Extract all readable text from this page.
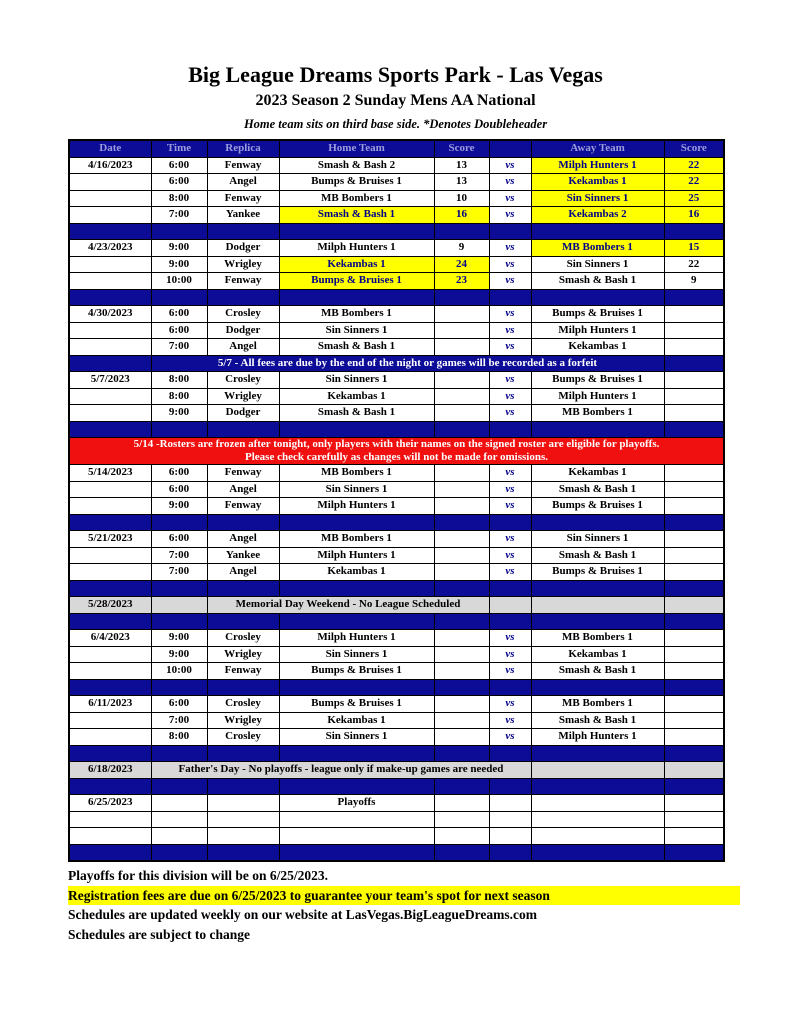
Big League Dreams Sports Park - Las Vegas
2023 Season 2 Sunday Mens AA National
Home team sits on third base side. *Denotes Doubleheader
Date	Time	Replica	Home Team	Score		Away Team	Score
4/16/2023	6:00	Fenway	Smash & Bash 2	13	vs	Milph Hunters 1	22
	6:00	Angel	Bumps & Bruises 1	13	vs	Kekambas 1	22
	8:00	Fenway	MB Bombers 1	10	vs	Sin Sinners 1	25
	7:00	Yankee	Smash & Bash 1	16	vs	Kekambas 2	16

4/23/2023	9:00	Dodger	Milph Hunters 1	9	vs	MB Bombers 1	15
	9:00	Wrigley	Kekambas 1	24	vs	Sin Sinners 1	22
	10:00	Fenway	Bumps & Bruises 1	23	vs	Smash & Bash 1	9

4/30/2023	6:00	Crosley	MB Bombers 1		vs	Bumps & Bruises 1	
	6:00	Dodger	Sin Sinners 1		vs	Milph Hunters 1	
	7:00	Angel	Smash & Bash 1		vs	Kekambas 1	
	5/7 - All fees are due by the end of the night or games will be recorded as a forfeit						
5/7/2023	8:00	Crosley	Sin Sinners 1		vs	Bumps & Bruises 1	
	8:00	Wrigley	Kekambas 1		vs	Milph Hunters 1	
	9:00	Dodger	Smash & Bash 1		vs	MB Bombers 1	

5/14 -Rosters are frozen after tonight, only players with their names on the signed roster are eligible for playoffs.
Please check carefully as changes will not be made for omissions.							

5/14/2023	6:00	Fenway	MB Bombers 1		vs	Kekambas 1	
	6:00	Angel	Sin Sinners 1		vs	Smash & Bash 1	
	9:00	Fenway	Milph Hunters 1		vs	Bumps & Bruises 1	

5/21/2023	6:00	Angel	MB Bombers 1		vs	Sin Sinners 1	
	7:00	Yankee	Milph Hunters 1		vs	Smash & Bash 1	
	7:00	Angel	Kekambas 1		vs	Bumps & Bruises 1	

5/28/2023		Memorial Day Weekend - No League Scheduled					

6/4/2023	9:00	Crosley	Milph Hunters 1		vs	MB Bombers 1	
	9:00	Wrigley	Sin Sinners 1		vs	Kekambas 1	
	10:00	Fenway	Bumps & Bruises 1		vs	Smash & Bash 1	

6/11/2023	6:00	Crosley	Bumps & Bruises 1		vs	MB Bombers 1	
	7:00	Wrigley	Kekambas 1		vs	Smash & Bash 1	
	8:00	Crosley	Sin Sinners 1		vs	Milph Hunters 1	

6/18/2023	Father's Day - No playoffs - league only if make-up games are needed						

6/25/2023			Playoffs				

Playoffs for this division will be on 6/25/2023.
Registration fees are due on 6/25/2023 to guarantee your team's spot for next season
Schedules are updated weekly on our website at LasVegas.BigLeagueDreams.com
Schedules are subject to change
